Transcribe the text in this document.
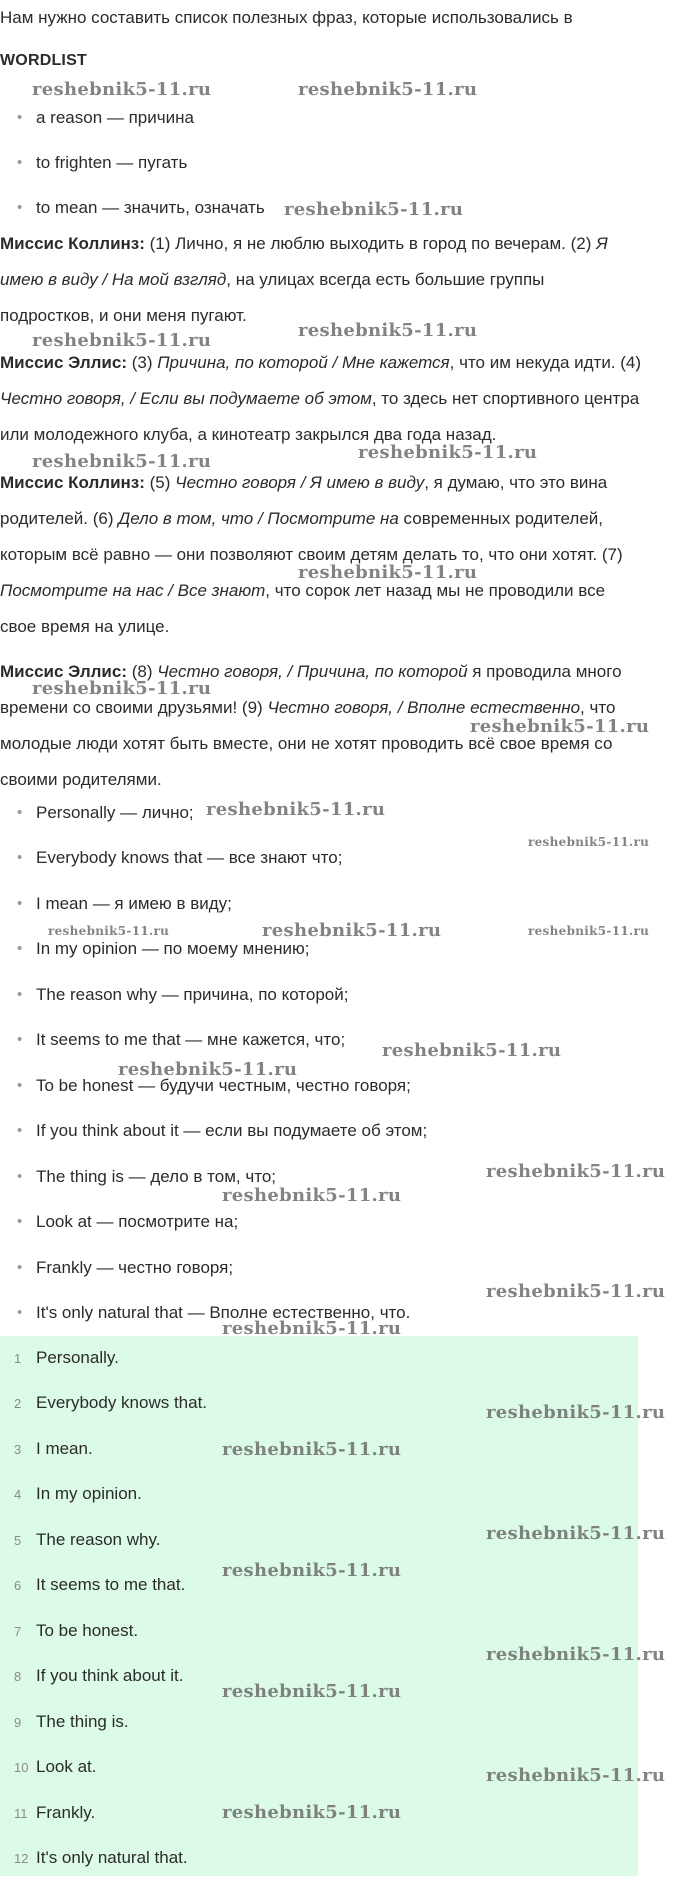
Нам нужно составить список полезных фраз, которые использовались в
WORDLIST
• a reason — причина
• to frighten — пугать
• to mean — значить, означать
Миссис Коллинз: (1) Лично, я не люблю выходить в город по вечерам. (2) Я
имею в виду / На мой взгляд, на улицах всегда есть большие группы
подростков, и они меня пугают.
Миссис Эллис: (3) Причина, по которой / Мне кажется, что им некуда идти. (4)
Честно говоря, / Если вы подумаете об этом, то здесь нет спортивного центра
или молодежного клуба, а кинотеатр закрылся два года назад.
Миссис Коллинз: (5) Честно говоря / Я имею в виду, я думаю, что это вина
родителей. (6) Дело в том, что / Посмотрите на современных родителей,
которым всё равно — они позволяют своим детям делать то, что они хотят. (7)
Посмотрите на нас / Все знают, что сорок лет назад мы не проводили все
свое время на улице.
Миссис Эллис: (8) Честно говоря, / Причина, по которой я проводила много
времени со своими друзьями! (9) Честно говоря, / Вполне естественно, что
молодые люди хотят быть вместе, они не хотят проводить всё свое время со
своими родителями.
• Personally — лично;
• Everybody knows that — все знают что;
• I mean — я имею в виду;
• In my opinion — по моему мнению;
• The reason why — причина, по которой;
• It seems to me that — мне кажется, что;
• To be honest — будучи честным, честно говоря;
• If you think about it — если вы подумаете об этом;
• The thing is — дело в том, что;
• Look at — посмотрите на;
• Frankly — честно говоря;
• It's only natural that — Вполне естественно, что.
1 Personally.
2 Everybody knows that.
3 I mean.
4 In my opinion.
5 The reason why.
6 It seems to me that.
7 To be honest.
8 If you think about it.
9 The thing is.
10 Look at.
11 Frankly.
12 It's only natural that.
reshebnik5-11.ru	reshebnik5-11.ru
reshebnik5-11.ru
reshebnik5-11.ru	reshebnik5-11.ru
reshebnik5-11.ru	reshebnik5-11.ru
reshebnik5-11.ru
reshebnik5-11.ru
reshebnik5-11.ru
reshebnik5-11.ru
reshebnik5-11.ru
reshebnik5-11.ru	reshebnik5-11.ru	reshebnik5-11.ru
reshebnik5-11.ru
reshebnik5-11.ru
reshebnik5-11.ru
reshebnik5-11.ru
reshebnik5-11.ru
reshebnik5-11.ru
reshebnik5-11.ru
reshebnik5-11.ru
reshebnik5-11.ru
reshebnik5-11.ru
reshebnik5-11.ru
reshebnik5-11.ru
reshebnik5-11.ru
reshebnik5-11.ru
